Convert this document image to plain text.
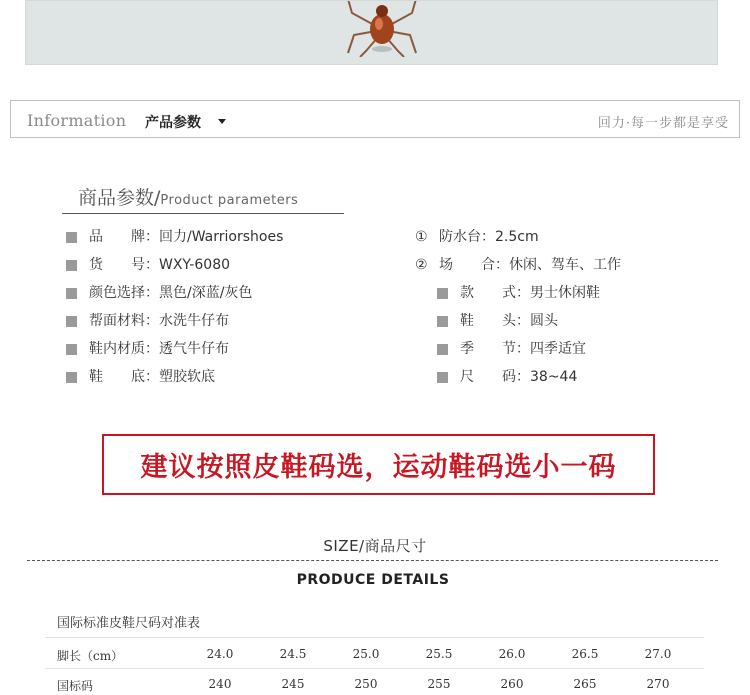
Information 产品参数	回力·每一步都是享受
商品参数/Product parameters
品　　牌： 回力/Warriorshoes
货　　号： WXY-6080
颜色选择： 黑色/深蓝/灰色
帮面材料： 水洗牛仔布
鞋内材质： 透气牛仔布
鞋　　底： 塑胶软底
① 防水台： 2.5cm
② 场　　合： 休闲、驾车、工作
款　　式： 男士休闲鞋
鞋　　头： 圆头
季　　节： 四季适宜
尺　　码： 38~44
建议按照皮鞋码选，运动鞋码选小一码
SIZE/商品尺寸
PRODUCE DETAILS
国际标准皮鞋尺码对准表
脚长（cm）	24.0	24.5	25.0	25.5	26.0	26.5	27.0
国标码	240	245	250	255	260	265	270
